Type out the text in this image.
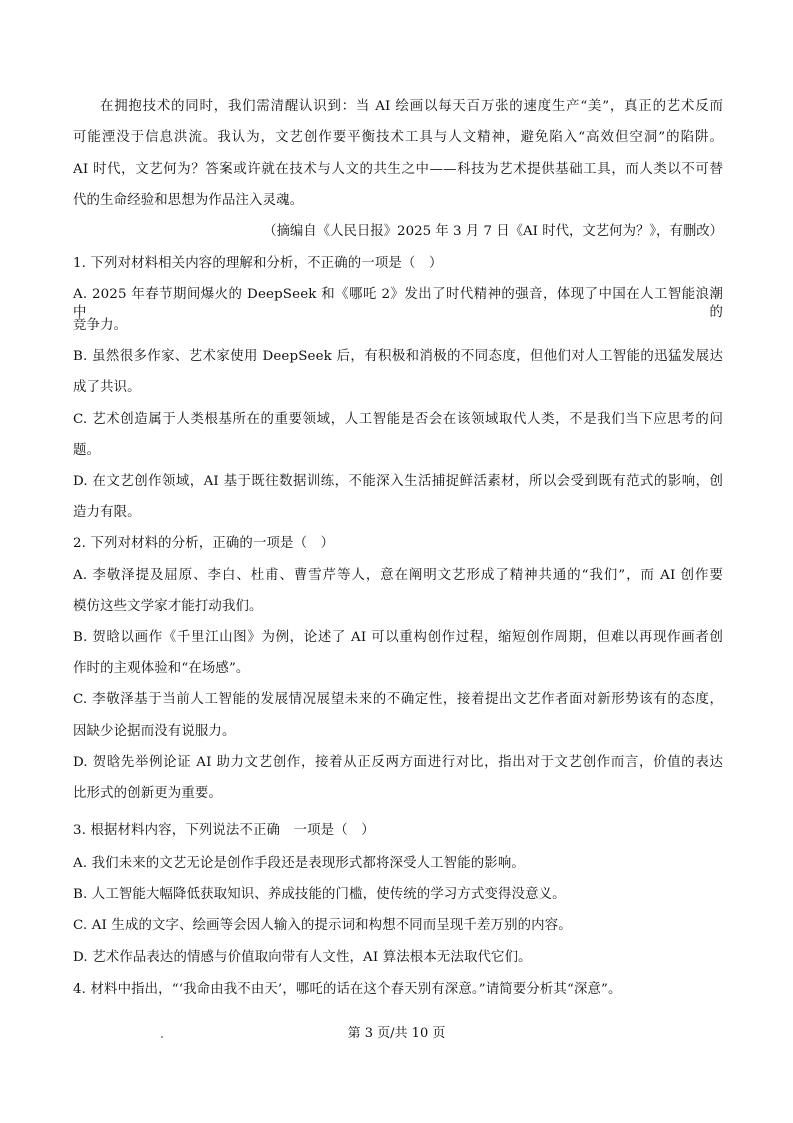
在拥抱技术的同时，我们需清醒认识到：当 AI 绘画以每天百万张的速度生产“美”，真正的艺术反而
可能湮没于信息洪流。我认为，文艺创作要平衡技术工具与人文精神，避免陷入“高效但空洞”的陷阱。
AI 时代，文艺何为？答案或许就在技术与人文的共生之中——科技为艺术提供基础工具，而人类以不可替
代的生命经验和思想为作品注入灵魂。
（摘编自《人民日报》2025 年 3 月 7 日《AI 时代，文艺何为？》，有删改）
1. 下列对材料相关内容的理解和分析，不正确的一项是（　）
A. 2025 年春节期间爆火的 DeepSeek 和《哪吒 2》发出了时代精神的强音，体现了中国在人工智能浪潮中的
竞争力。
B. 虽然很多作家、艺术家使用 DeepSeek 后，有积极和消极的不同态度，但他们对人工智能的迅猛发展达
成了共识。
C. 艺术创造属于人类根基所在的重要领域，人工智能是否会在该领域取代人类，不是我们当下应思考的问
题。
D. 在文艺创作领域，AI 基于既往数据训练，不能深入生活捕捉鲜活素材，所以会受到既有范式的影响，创
造力有限。
2. 下列对材料的分析，正确的一项是（　）
A. 李敬泽提及屈原、李白、杜甫、曹雪芹等人，意在阐明文艺形成了精神共通的“我们”，而 AI 创作要
模仿这些文学家才能打动我们。
B. 贺晗以画作《千里江山图》为例，论述了 AI 可以重构创作过程，缩短创作周期，但难以再现作画者创
作时的主观体验和“在场感”。
C. 李敬泽基于当前人工智能的发展情况展望未来的不确定性，接着提出文艺作者面对新形势该有的态度，
因缺少论据而没有说服力。
D. 贺晗先举例论证 AI 助力文艺创作，接着从正反两方面进行对比，指出对于文艺创作而言，价值的表达
比形式的创新更为重要。
3. 根据材料内容，下列说法不正确　一项是（　）
A. 我们未来的文艺无论是创作手段还是表现形式都将深受人工智能的影响。
B. 人工智能大幅降低获取知识、养成技能的门槛，使传统的学习方式变得没意义。
C. AI 生成的文字、绘画等会因人输入的提示词和构想不同而呈现千差万别的内容。
D. 艺术作品表达的情感与价值取向带有人文性，AI 算法根本无法取代它们。
4. 材料中指出，“‘我命由我不由天’，哪吒的话在这个春天别有深意。”请简要分析其“深意”。
第 3 页/共 10 页
